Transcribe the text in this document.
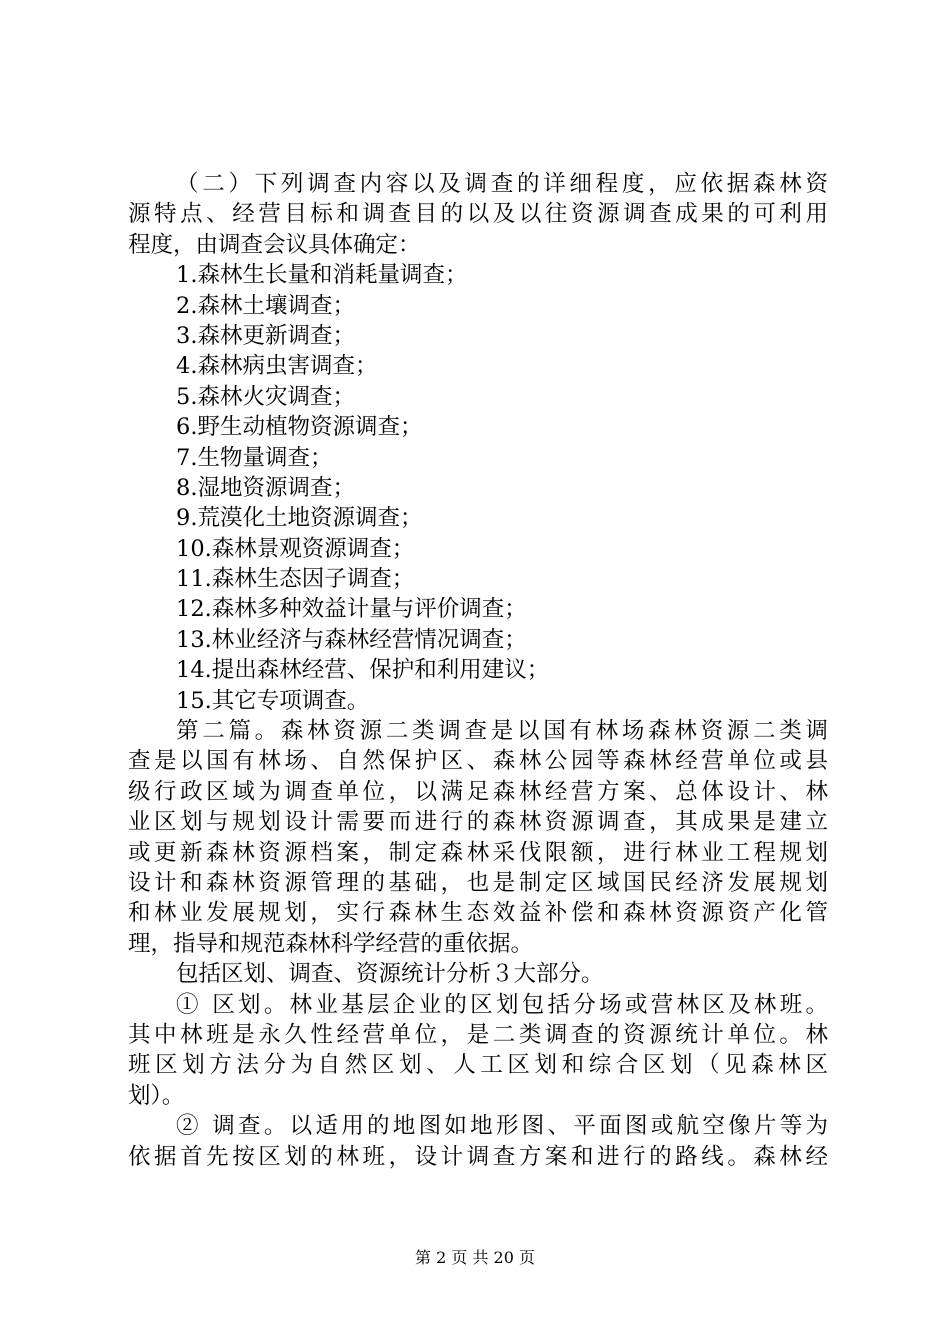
（二）下列调查内容以及调查的详细程度，应依据森林资
源特点、经营目标和调查目的以及以往资源调查成果的可利用
程度，由调查会议具体确定：
1.森林生长量和消耗量调查；
2.森林土壤调查；
3.森林更新调查；
4.森林病虫害调查；
5.森林火灾调查；
6.野生动植物资源调查；
7.生物量调查；
8.湿地资源调查；
9.荒漠化土地资源调查；
10.森林景观资源调查；
11.森林生态因子调查；
12.森林多种效益计量与评价调查；
13.林业经济与森林经营情况调查；
14.提出森林经营、保护和利用建议；
15.其它专项调查。
第二篇。森林资源二类调查是以国有林场森林资源二类调
查是以国有林场、自然保护区、森林公园等森林经营单位或县
级行政区域为调查单位，以满足森林经营方案、总体设计、林
业区划与规划设计需要而进行的森林资源调查，其成果是建立
或更新森林资源档案，制定森林采伐限额，进行林业工程规划
设计和森林资源管理的基础，也是制定区域国民经济发展规划
和林业发展规划，实行森林生态效益补偿和森林资源资产化管
理，指导和规范森林科学经营的重依据。
包括区划、调查、资源统计分析３大部分。
① 区划。林业基层企业的区划包括分场或营林区及林班。
其中林班是永久性经营单位，是二类调查的资源统计单位。林
班区划方法分为自然区划、人工区划和综合区划（见森林区
划）。
② 调查。以适用的地图如地形图、平面图或航空像片等为
依据首先按区划的林班，设计调查方案和进行的路线。森林经
第 2 页 共 20 页
